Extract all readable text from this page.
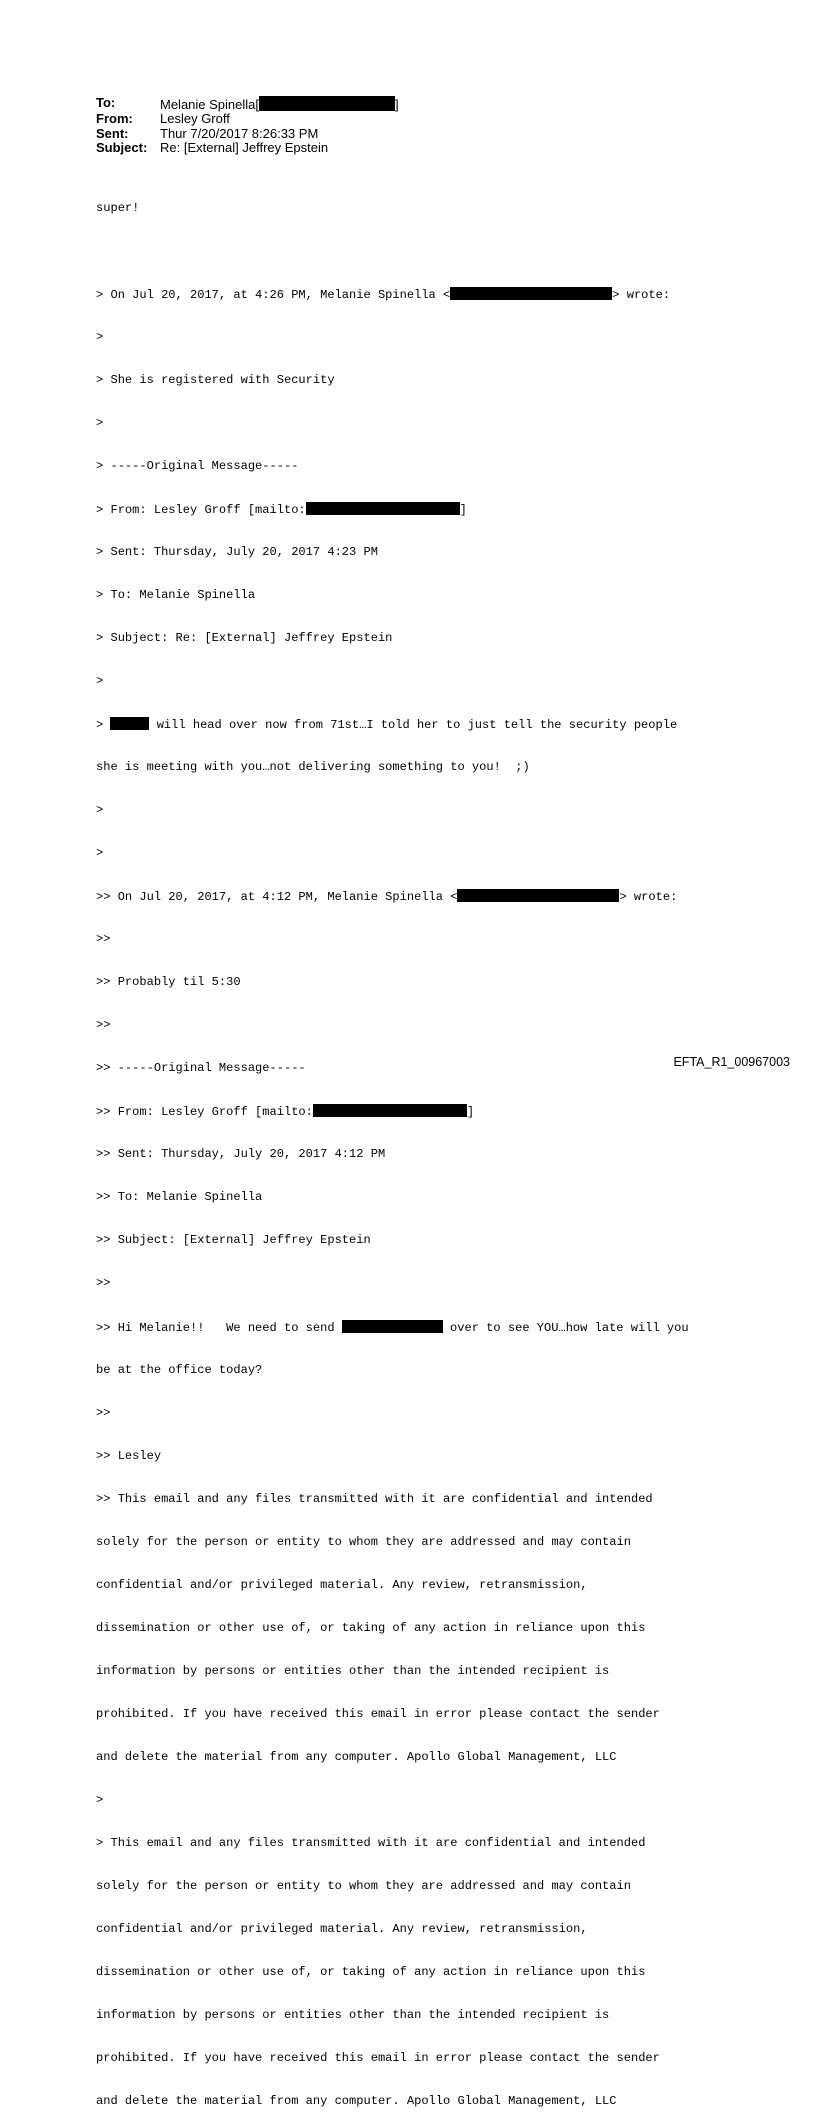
To:	Melanie Spinella[	]
From:	Lesley Groff
Sent:	Thur 7/20/2017 8:26:33 PM
Subject: Re: [External] Jeffrey Epstein

super!

> On Jul 20, 2017, at 4:26 PM, Melanie Spinella <	> wrote:

>

> She is registered with Security

>

> -----Original Message-----

> From: Lesley Groff [mailto:	]

> Sent: Thursday, July 20, 2017 4:23 PM

> To: Melanie Spinella

> Subject: Re: [External] Jeffrey Epstein

>

>	will head over now from 71st…I told her to just tell the security people

she is meeting with you…not delivering something to you!  ;)

>

>

>> On Jul 20, 2017, at 4:12 PM, Melanie Spinella <	> wrote:

>>

>> Probably til 5:30

>>

>> -----Original Message-----

>> From: Lesley Groff [mailto:	]

>> Sent: Thursday, July 20, 2017 4:12 PM

>> To: Melanie Spinella

>> Subject: [External] Jeffrey Epstein

>>

>> Hi Melanie!!   We need to send	over to see YOU…how late will you

be at the office today?

>>

>> Lesley

>> This email and any files transmitted with it are confidential and intended

solely for the person or entity to whom they are addressed and may contain

confidential and/or privileged material. Any review, retransmission,

dissemination or other use of, or taking of any action in reliance upon this

information by persons or entities other than the intended recipient is

prohibited. If you have received this email in error please contact the sender

and delete the material from any computer. Apollo Global Management, LLC

>

> This email and any files transmitted with it are confidential and intended

solely for the person or entity to whom they are addressed and may contain

confidential and/or privileged material. Any review, retransmission,

dissemination or other use of, or taking of any action in reliance upon this

information by persons or entities other than the intended recipient is

prohibited. If you have received this email in error please contact the sender

and delete the material from any computer. Apollo Global Management, LLC

EFTA_R1_00967003
